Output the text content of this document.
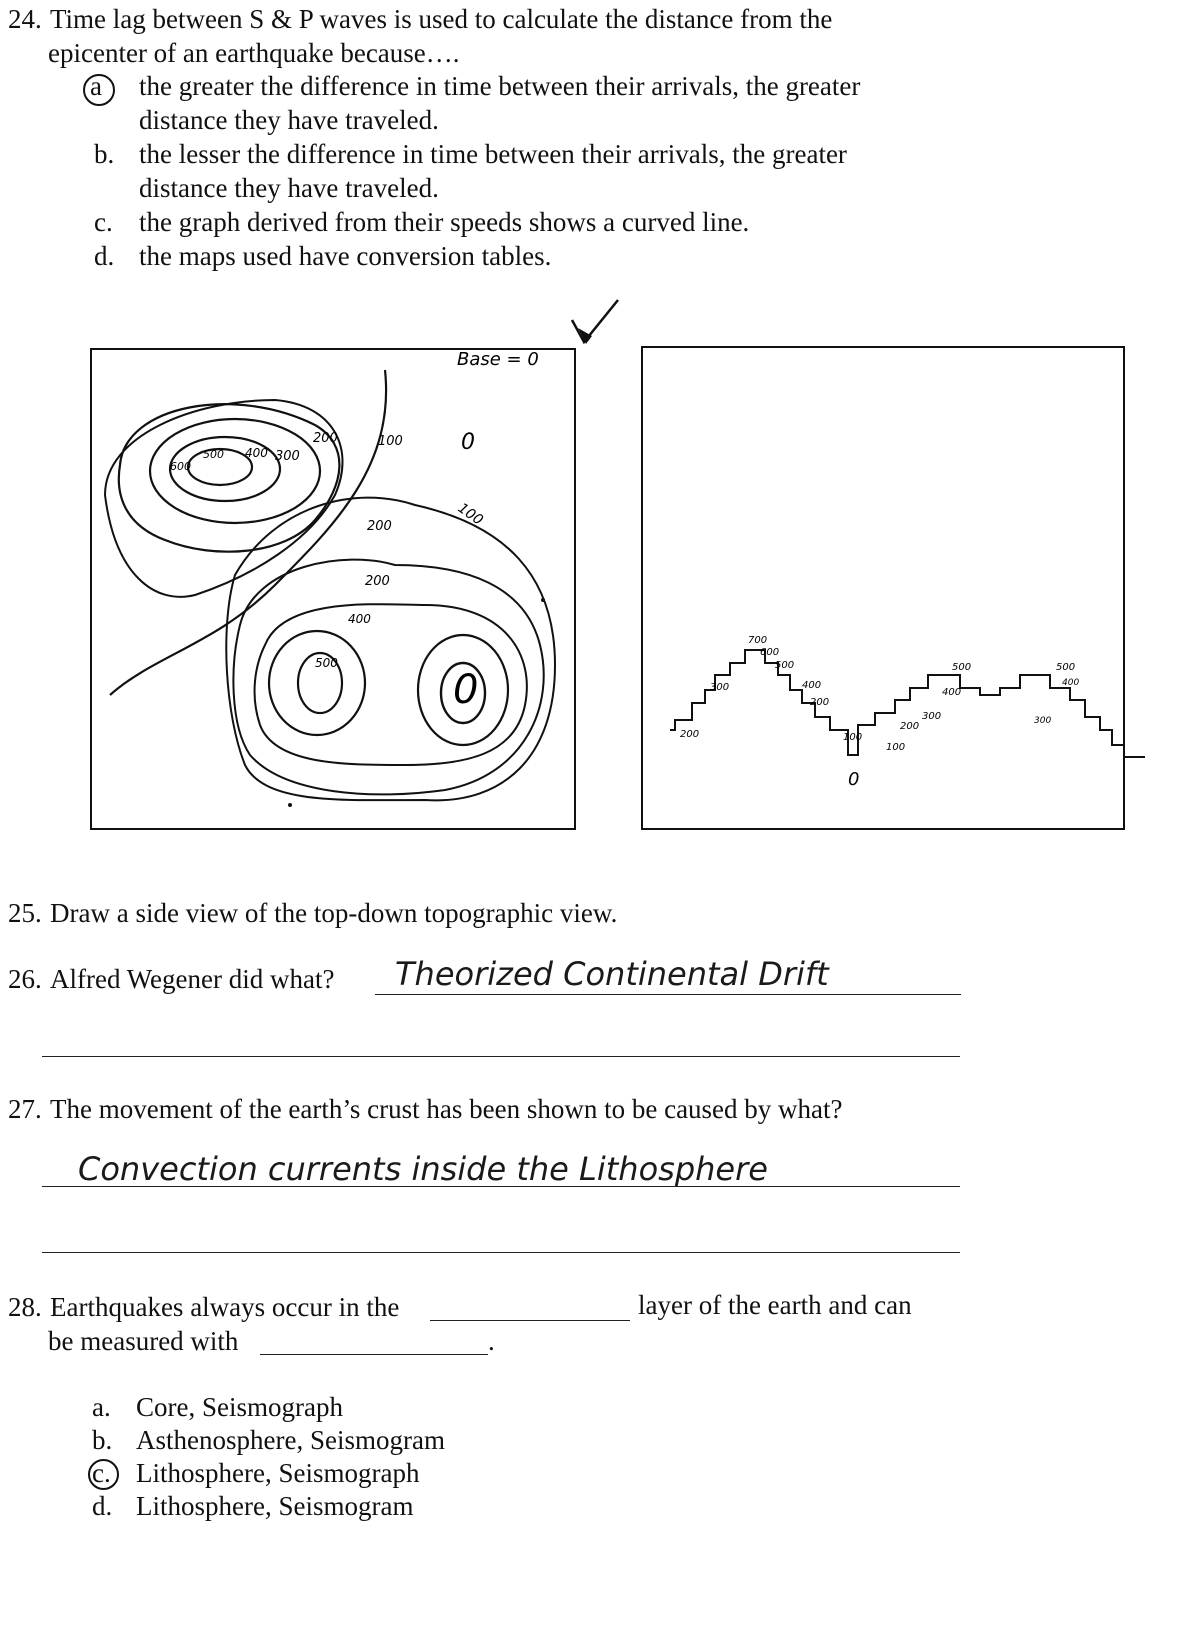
24. Time lag between S & P waves is used to calculate the distance from the
epicenter of an earthquake because….
a the greater the difference in time between their arrivals, the greater
distance they have traveled.
b. the lesser the difference in time between their arrivals, the greater
distance they have traveled.
c. the graph derived from their speeds shows a curved line.
d. the maps used have conversion tables.
Base = 0
600
500 400 300
200	100	0
100
200
200
400
500
0
700
600
500
400
300
200
100
0
500
400
300
200
100
500
400
300
200
25. Draw a side view of the top-down topographic view.
26. Alfred Wegener did what? Theorized Continental Drift
27. The movement of the earth’s crust has been shown to be caused by what?
Convection currents inside the Lithosphere
28. Earthquakes always occur in the	layer of the earth and can
be measured with	.
a. Core, Seismograph
b. Asthenosphere, Seismogram
c. Lithosphere, Seismograph
d. Lithosphere, Seismogram
